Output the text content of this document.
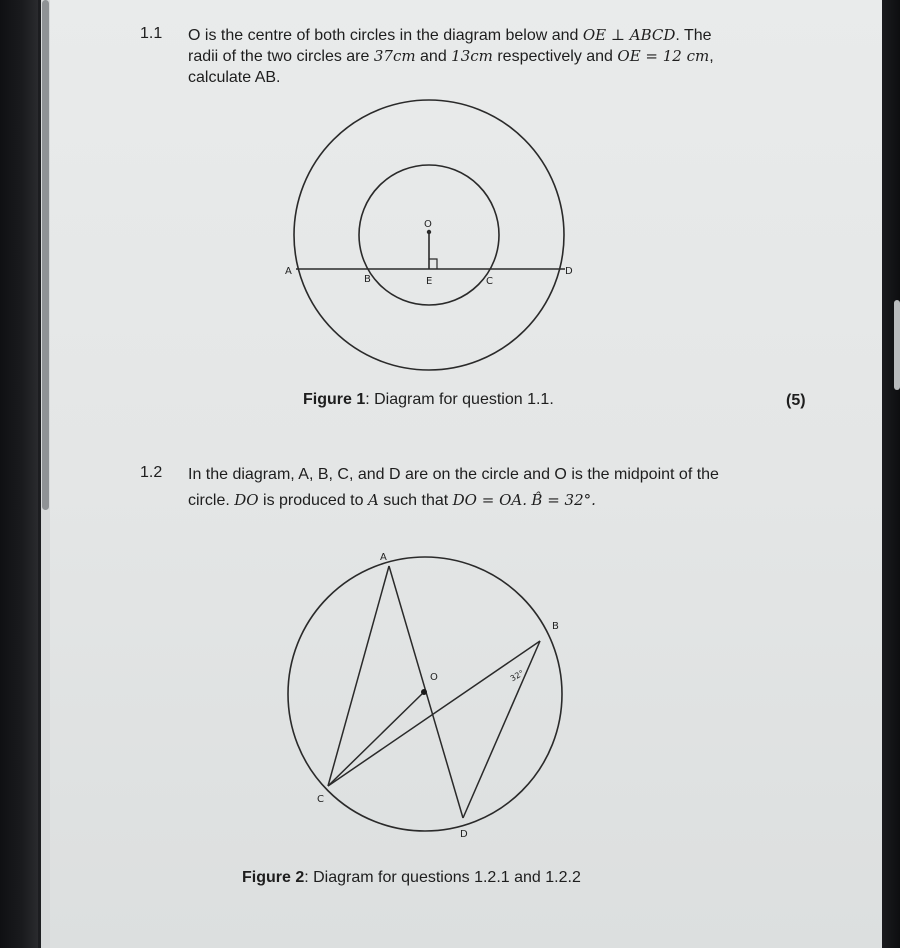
1.1 O is the centre of both circles in the diagram below and OE ⊥ ABCD. The
radii of the two circles are 37cm and 13cm respectively and OE = 12 cm,
calculate AB.
O
A
B	E	C
D
A
B
O
C
D
32°
Figure 1: Diagram for question 1.1.	(5)
1.2 In the diagram, A, B, C, and D are on the circle and O is the midpoint of the
circle. DO is produced to A such that DO = OA. B̂ = 32°.
Figure 2: Diagram for questions 1.2.1 and 1.2.2
